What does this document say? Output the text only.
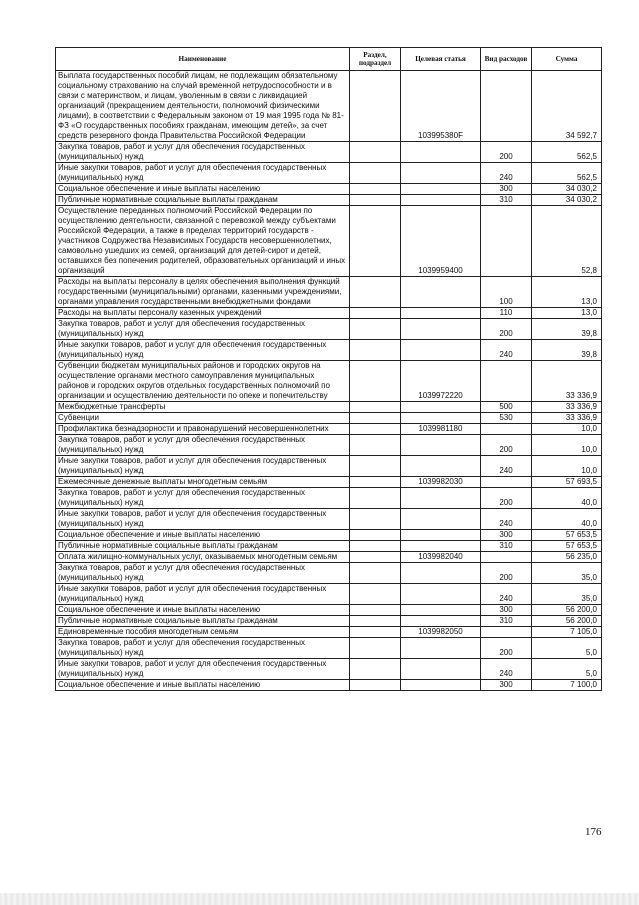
Наименование	Раздел, подраздел	Целевая статья	Вид расходов	Сумма
Выплата государственных пособий лицам, не подлежащим обязательному социальному страхованию на случай временной нетрудоспособности и в связи с материнством, и лицам, уволенным в связи с ликвидацией организаций (прекращением деятельности, полномочий физическими лицами), в соответствии с Федеральным законом от 19 мая 1995 года № 81-ФЗ «О государственных пособиях гражданам, имеющим детей», за счет средств резервного фонда Правительства Российской Федерации		103995380F		34 592,7
Закупка товаров, работ и услуг для обеспечения государственных (муниципальных) нужд			200	562,5
Иные закупки товаров, работ и услуг для обеспечения государственных (муниципальных) нужд			240	562,5
Социальное обеспечение и иные выплаты населению			300	34 030,2
Публичные нормативные социальные выплаты гражданам			310	34 030,2
Осуществление переданных полномочий Российской Федерации по осуществлению деятельности, связанной с перевозкой между субъектами Российской Федерации, а также в пределах территорий государств - участников Содружества Независимых Государств несовершеннолетних, самовольно ушедших из семей, организаций для детей-сирот и детей, оставшихся без попечения родителей, образовательных организаций и иных организаций		1039959400		52,8
Расходы на выплаты персоналу в целях обеспечения выполнения функций государственными (муниципальными) органами, казенными учреждениями, органами управления государственными внебюджетными фондами			100	13,0
Расходы на выплаты персоналу казенных учреждений			110	13,0
Закупка товаров, работ и услуг для обеспечения государственных (муниципальных) нужд			200	39,8
Иные закупки товаров, работ и услуг для обеспечения государственных (муниципальных) нужд			240	39,8
Субвенции бюджетам муниципальных районов и городских округов на осуществление органами местного самоуправления муниципальных районов и городских округов отдельных государственных полномочий по организации и осуществлению деятельности по опеке и попечительству		1039972220		33 336,9
Межбюджетные трансферты			500	33 336,9
Субвенции			530	33 336,9
Профилактика безнадзорности и правонарушений несовершеннолетних		1039981180		10,0
Закупка товаров, работ и услуг для обеспечения государственных (муниципальных) нужд			200	10,0
Иные закупки товаров, работ и услуг для обеспечения государственных (муниципальных) нужд			240	10,0
Ежемесячные денежные выплаты многодетным семьям		1039982030		57 693,5
Закупка товаров, работ и услуг для обеспечения государственных (муниципальных) нужд			200	40,0
Иные закупки товаров, работ и услуг для обеспечения государственных (муниципальных) нужд			240	40,0
Социальное обеспечение и иные выплаты населению			300	57 653,5
Публичные нормативные социальные выплаты гражданам			310	57 653,5
Оплата жилищно-коммунальных услуг, оказываемых многодетным семьям		1039982040		56 235,0
Закупка товаров, работ и услуг для обеспечения государственных (муниципальных) нужд			200	35,0
Иные закупки товаров, работ и услуг для обеспечения государственных (муниципальных) нужд			240	35,0
Социальное обеспечение и иные выплаты населению			300	56 200,0
Публичные нормативные социальные выплаты гражданам			310	56 200,0
Единовременные пособия многодетным семьям		1039982050		7 105,0
Закупка товаров, работ и услуг для обеспечения государственных (муниципальных) нужд			200	5,0
Иные закупки товаров, работ и услуг для обеспечения государственных (муниципальных) нужд			240	5,0
Социальное обеспечение и иные выплаты населению			300	7 100,0
176
